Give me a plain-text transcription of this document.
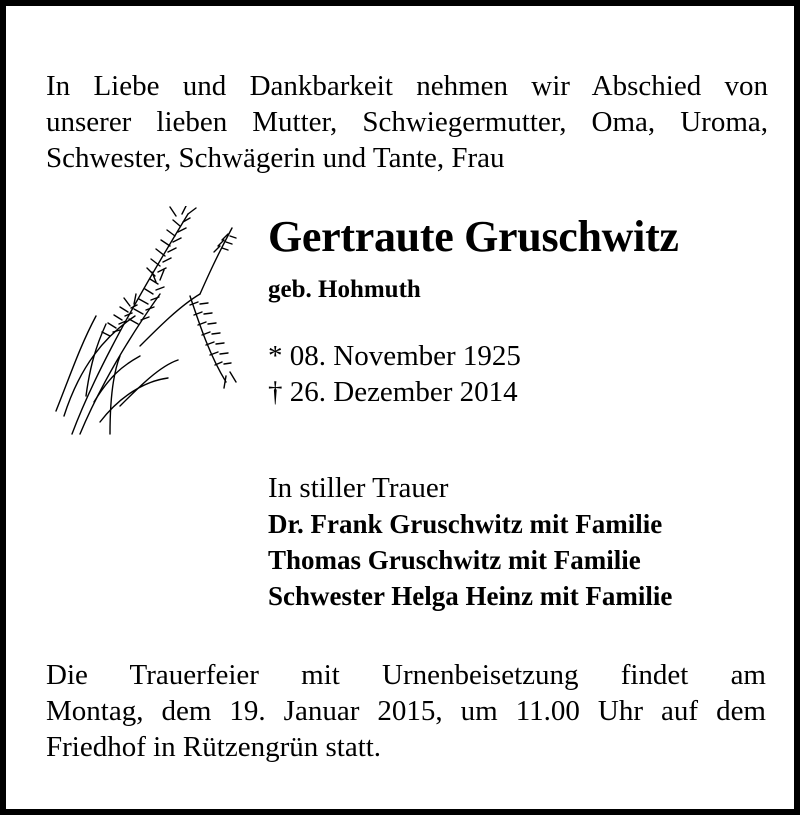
In Liebe und Dankbarkeit nehmen wir Abschied von
unserer lieben Mutter, Schwiegermutter, Oma, Uroma,
Schwester, Schwägerin und Tante, Frau
Gertraute Gruschwitz
geb. Hohmuth
* 08. November 1925
† 26. Dezember 2014
In stiller Trauer
Dr. Frank Gruschwitz mit Familie
Thomas Gruschwitz mit Familie
Schwester Helga Heinz mit Familie
Die Trauerfeier mit Urnenbeisetzung findet am
Montag, dem 19. Januar 2015, um 11.00 Uhr auf dem
Friedhof in Rützengrün statt.
